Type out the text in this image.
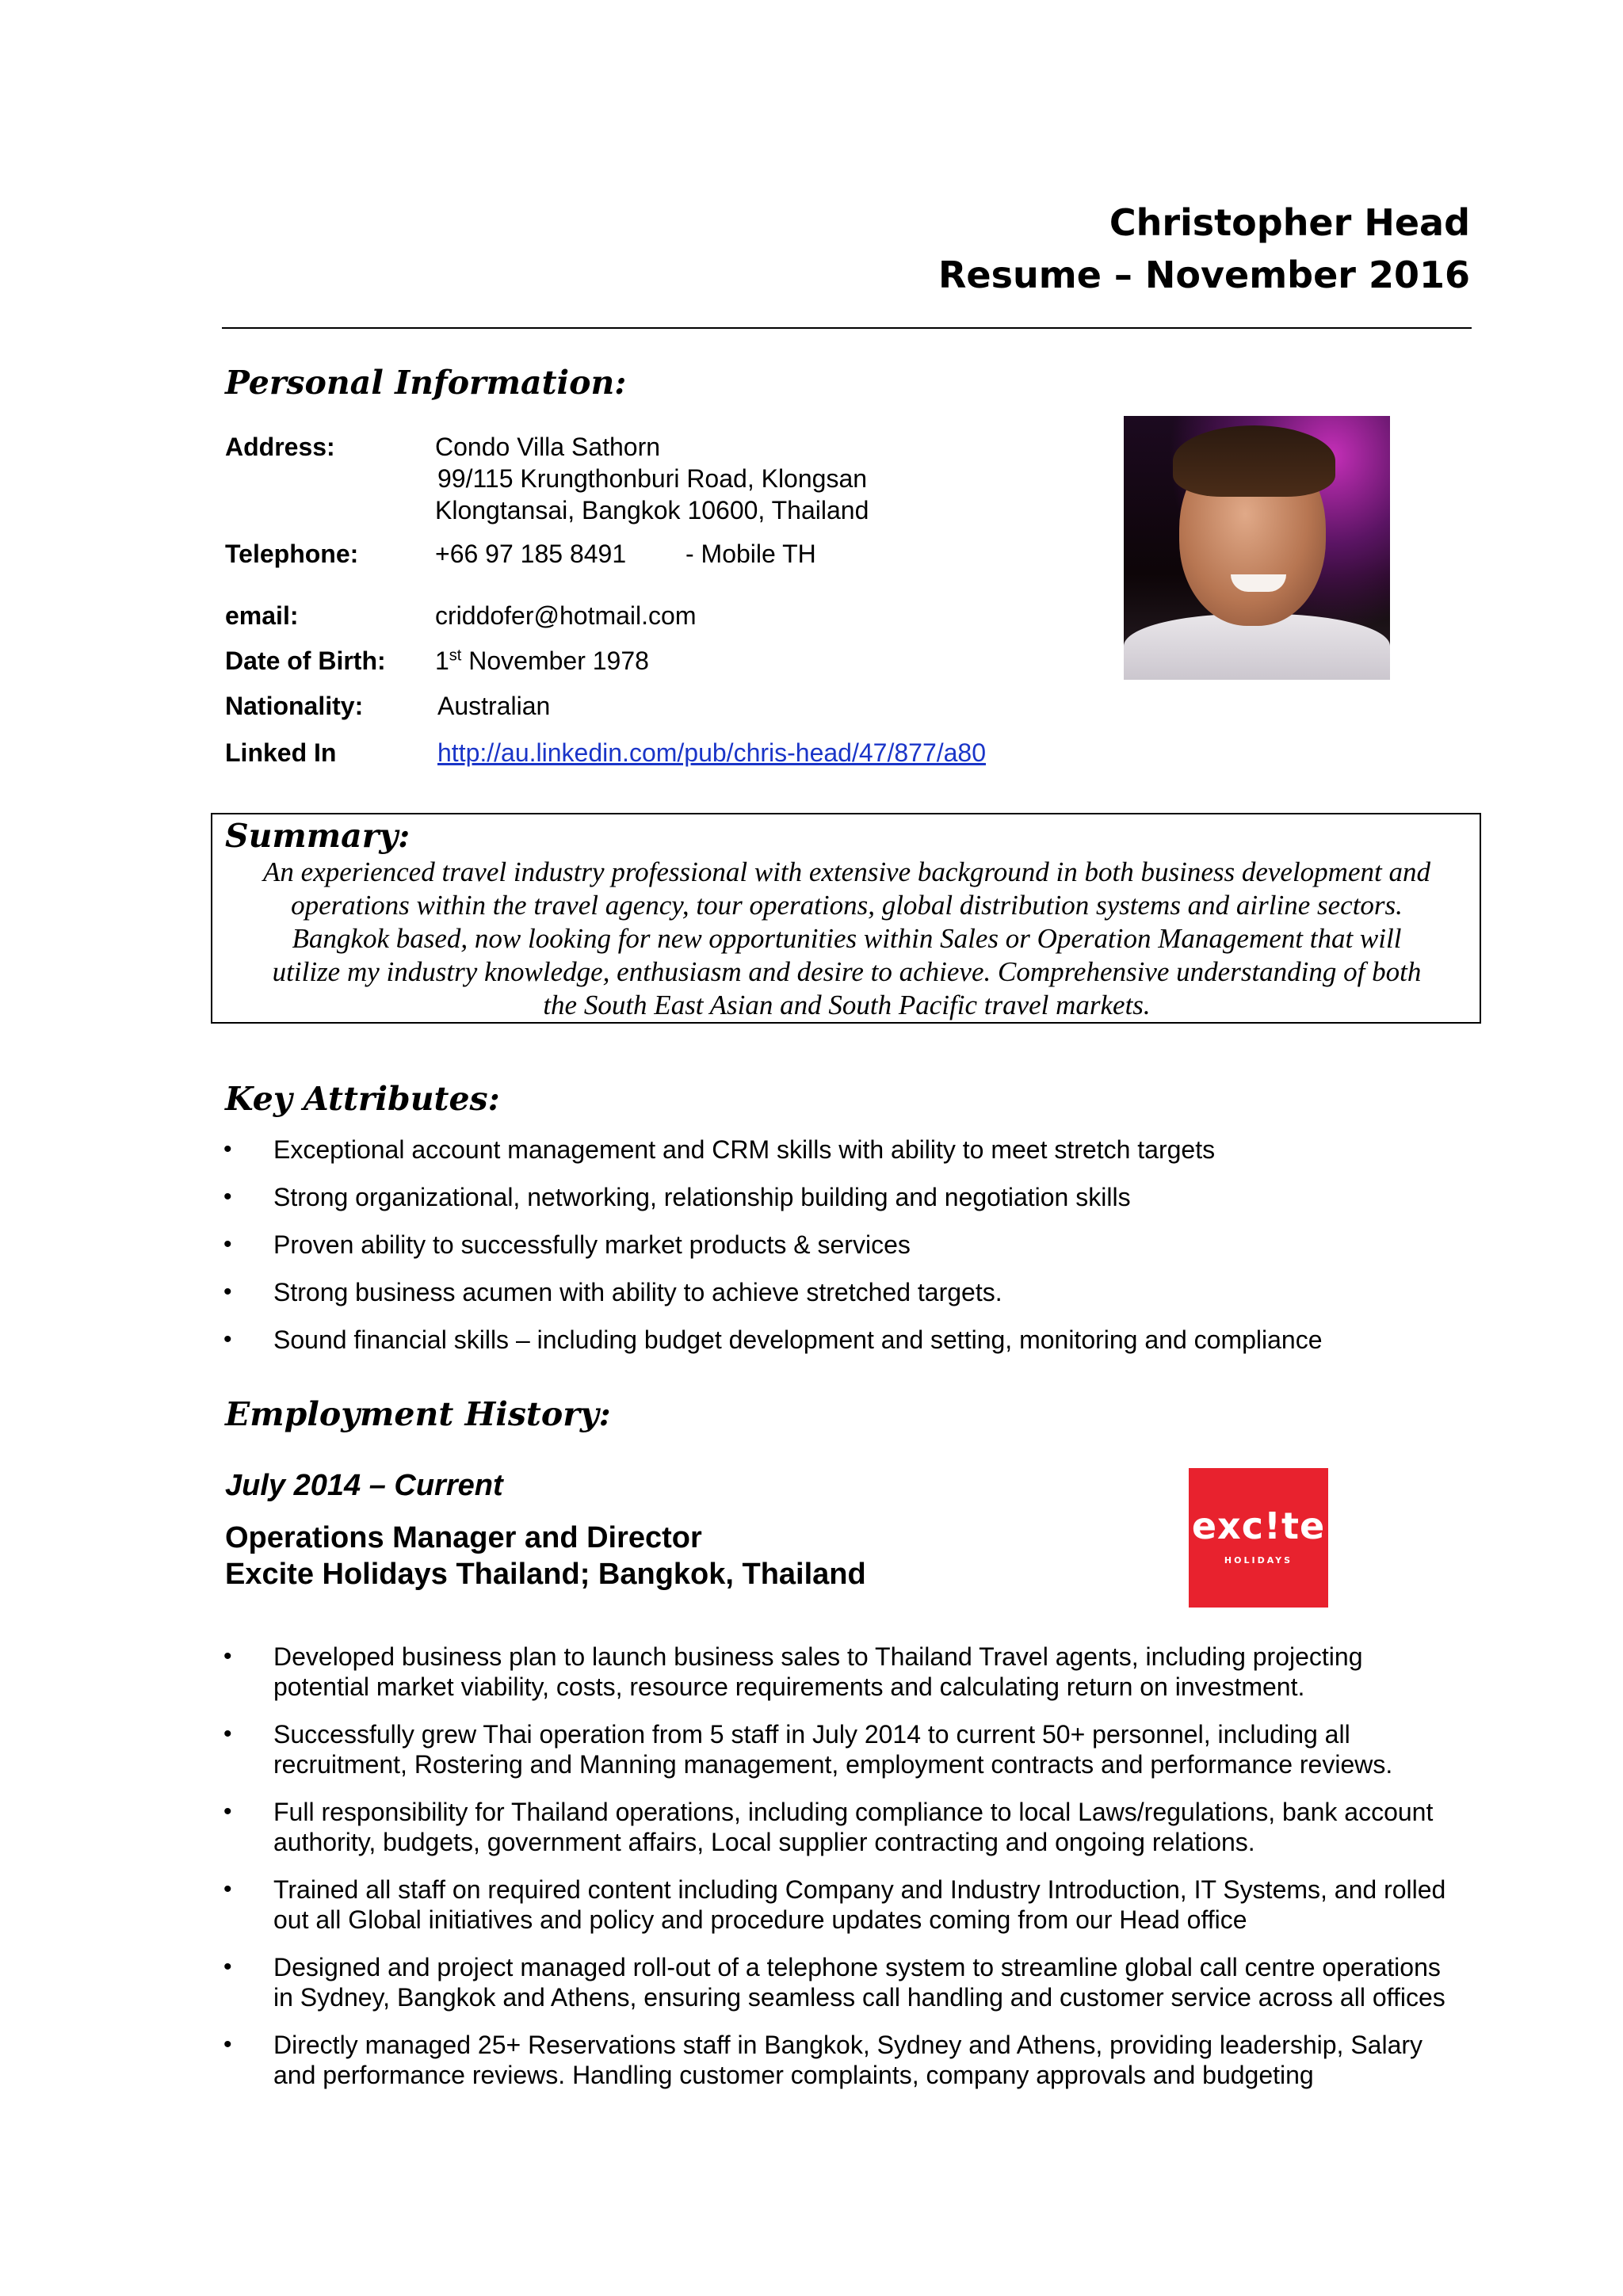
Christopher Head
Resume – November 2016
Personal Information:
Address:	Condo Villa Sathorn
99/115 Krungthonburi Road, Klongsan
Klongtansai, Bangkok 10600, Thailand
Telephone:	+66 97 185 8491 - Mobile TH
email:	criddofer@hotmail.com
Date of Birth: 1st November 1978
Nationality:	Australian
Linked In	http://au.linkedin.com/pub/chris-head/47/877/a80
Summary:
An experienced travel industry professional with extensive background in both business development and
operations within the travel agency, tour operations, global distribution systems and airline sectors.
Bangkok based, now looking for new opportunities within Sales or Operation Management that will
utilize my industry knowledge, enthusiasm and desire to achieve. Comprehensive understanding of both
the South East Asian and South Pacific travel markets.
Key Attributes:
• Exceptional account management and CRM skills with ability to meet stretch targets
• Strong organizational, networking, relationship building and negotiation skills
• Proven ability to successfully market products & services
• Strong business acumen with ability to achieve stretched targets.
• Sound financial skills – including budget development and setting, monitoring and compliance
Employment History:
July 2014 – Current
Operations Manager and Director
Excite Holidays Thailand; Bangkok, Thailand
exc!te
HOLIDAYS
• Developed business plan to launch business sales to Thailand Travel agents, including projecting
potential market viability, costs, resource requirements and calculating return on investment.
• Successfully grew Thai operation from 5 staff in July 2014 to current 50+ personnel, including all
recruitment, Rostering and Manning management, employment contracts and performance reviews.
• Full responsibility for Thailand operations, including compliance to local Laws/regulations, bank account
authority, budgets, government affairs, Local supplier contracting and ongoing relations.
• Trained all staff on required content including Company and Industry Introduction, IT Systems, and rolled
out all Global initiatives and policy and procedure updates coming from our Head office
• Designed and project managed roll-out of a telephone system to streamline global call centre operations
in Sydney, Bangkok and Athens, ensuring seamless call handling and customer service across all offices
• Directly managed 25+ Reservations staff in Bangkok, Sydney and Athens, providing leadership, Salary
and performance reviews. Handling customer complaints, company approvals and budgeting
